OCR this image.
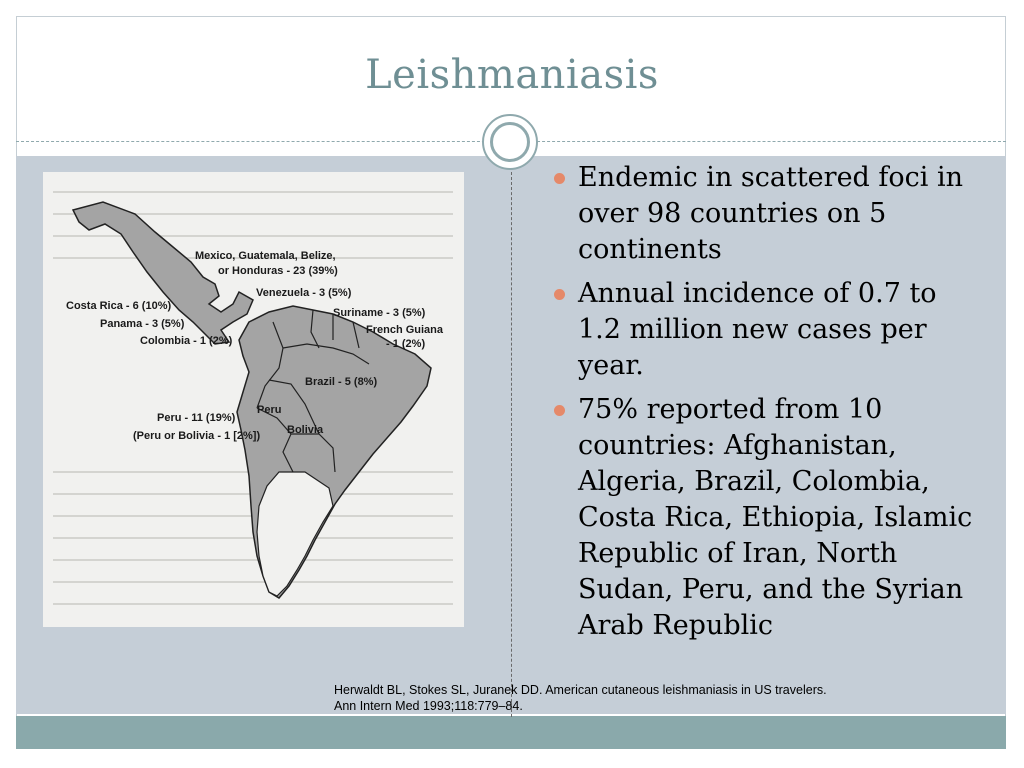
Leishmaniasis
Mexico, Guatemala, Belize,
or Honduras - 23 (39%)
Venezuela - 3 (5%)
Costa Rica - 6 (10%)
Suriname - 3 (5%)
French Guiana
- 1 (2%)
Panama - 3 (5%)
Colombia - 1 (2%)
Brazil - 5 (8%)
Peru
Peru - 11 (19%)
(Peru or Bolivia - 1 [2%]) Bolivia
Endemic in scattered foci in over 98 countries on 5 continents
Annual incidence of 0.7 to 1.2 million new cases per year.
75% reported from 10 countries: Afghanistan, Algeria, Brazil, Colombia, Costa Rica, Ethiopia, Islamic Republic of Iran, North Sudan, Peru, and the Syrian Arab Republic
Herwaldt BL, Stokes SL, Juranek DD. American cutaneous leishmaniasis in US travelers.
Ann Intern Med 1993;118:779–84.
